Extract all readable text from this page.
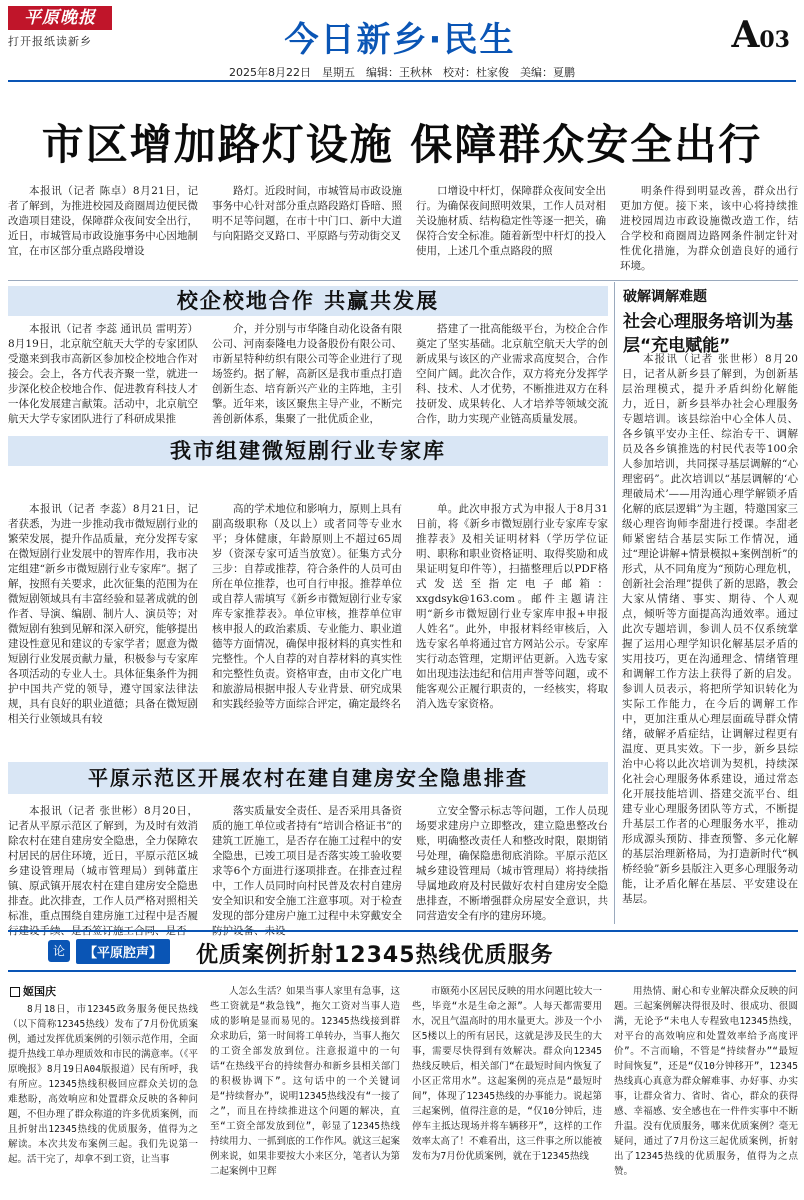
平原晚报
打开报纸读新乡	今日新乡·民生	A03
2025年8月22日　星期五　编辑：王秋林　校对：杜家俊　美编：夏鹏
市区增加路灯设施 保障群众安全出行

本报讯（记者 陈卓）8月21日，记者了解到，为推进校园及商圈周边便民微改造项目建设，保障群众夜间安全出行，近日，市城管局市政设施事务中心因地制宜，在市区部分重点路段增设

路灯。近段时间，市城管局市政设施事务中心针对部分重点路段路灯昏暗、照明不足等问题，在市十中门口、新中大道与向阳路交叉路口、平原路与劳动街交叉

口增设中杆灯，保障群众夜间安全出行。为确保夜间照明效果，工作人员对相关设施材质、结构稳定性等逐一把关，确保符合安全标准。随着新型中杆灯的投入使用，上述几个重点路段的照

明条件得到明显改善，群众出行更加方便。接下来，该中心将持续推进校园周边市政设施微改造工作，结合学校和商圈周边路网条件制定针对性优化措施，为群众创造良好的通行环境。

校企校地合作 共赢共发展

本报讯（记者 李蕊 通讯员 雷明芳）8月19日，北京航空航天大学的专家团队受邀来到我市高新区参加校企校地合作对接会。会上，各方代表齐聚一堂，就进一步深化校企校地合作、促进教育科技人才一体化发展建言献策。活动中，北京航空航天大学专家团队进行了科研成果推

介，并分别与市华隆自动化设备有限公司、河南泰隆电力设备股份有限公司、市新星特种纺织有限公司等企业进行了现场签约。据了解，高新区是我市重点打造创新生态、培育新兴产业的主阵地，主引擎。近年来，该区聚焦主导产业，不断完善创新体系，集聚了一批优质企业，

搭建了一批高能级平台，为校企合作奠定了坚实基础。北京航空航天大学的创新成果与该区的产业需求高度契合，合作空间广阔。此次合作，双方将充分发挥学科、技术、人才优势，不断推进双方在科技研发、成果转化、人才培养等领域交流合作，助力实现产业链高质量发展。

我市组建微短剧行业专家库

本报讯（记者 李蕊）8月21日，记者获悉，为进一步推动我市微短剧行业的繁荣发展，提升作品质量，充分发挥专家在微短剧行业发展中的智库作用，我市决定组建“新乡市微短剧行业专家库”。据了解，按照有关要求，此次征集的范围为在微短剧领域具有丰富经验和显著成就的创作者、导演、编剧、制片人、演员等；对微短剧有独到见解和深入研究，能够提出建设性意见和建议的专家学者；愿意为微短剧行业发展贡献力量，积极参与专家库各项活动的专业人士。具体征集条件为拥护中国共产党的领导，遵守国家法律法规，具有良好的职业道德；具备在微短剧相关行业领域具有较

高的学术地位和影响力，原则上具有副高级职称（及以上）或者同等专业水平；身体健康，年龄原则上不超过65周岁（资深专家可适当放宽）。征集方式分三步：自荐或推荐，符合条件的人员可由所在单位推荐，也可自行申报。推荐单位或自荐人需填写《新乡市微短剧行业专家库专家推荐表》。单位审核，推荐单位审核申报人的政治素质、专业能力、职业道德等方面情况，确保申报材料的真实性和完整性。个人自荐的对自荐材料的真实性和完整性负责。资格审查，由市文化广电和旅游局根据申报人专业背景、研究成果和实践经验等方面综合评定，确定最终名

单。此次申报方式为申报人于8月31日前，将《新乡市微短剧行业专家库专家推荐表》及相关证明材料（学历学位证明、职称和职业资格证明、取得奖励和成果证明复印件等），扫描整理后以PDF格式发送至指定电子邮箱：xxgdsyk@163.com。邮件主题请注明“新乡市微短剧行业专家库申报+申报人姓名”。此外，申报材料经审核后，入选专家名单将通过官方网站公示。专家库实行动态管理，定期评估更新。入选专家如出现违法违纪和信用声誉等问题，或不能客观公正履行职责的，一经核实，将取消入选专家资格。

平原示范区开展农村在建自建房安全隐患排查

本报讯（记者 张世彬）8月20日，记者从平原示范区了解到，为及时有效消除农村在建自建房安全隐患，全力保障农村居民的居住环境，近日，平原示范区城乡建设管理局（城市管理局）到韩董庄镇、原武镇开展农村在建自建房安全隐患排查。此次排查，工作人员严格对照相关标准，重点围绕自建房施工过程中是否履

落实质量安全责任、是否采用具备资质的施工单位或者持有“培训合格证书”的建筑工匠施工，是否存在施工过程中的安全隐患，已竣工项目是否落实竣工验收要求等6个方面进行逐项排查。在排查过程中，工作人员同时向村民普及农村自建房安全知识和安全施工注意事项。对于检查发现的部分建房户施工过程中未穿戴安全

立安全警示标志等问题，工作人员现场要求建房户立即整改，建立隐患整改台账，明确整改责任人和整改时限，限期销号处理，确保隐患彻底消除。平原示范区城乡建设管理局（城市管理局）将持续指导属地政府及村民做好农村自建房安全隐患排查，不断增强群众房屋安全意识，共同营造安全有序的建房环境。

破解调解难题
社会心理服务培训为基层“充电赋能”

本报讯（记者 张世彬）8月20日，记者从新乡县了解到，为创新基层治理模式，提升矛盾纠纷化解能力，近日，新乡县举办社会心理服务专题培训。该县综治中心全体人员、各乡镇平安办主任、综治专干、调解员及各乡镇推选的村民代表等100余人参加培训，共同探寻基层调解的“心理密码”。此次培训以“基层调解的‘心理破局术’——用沟通心理学解锁矛盾化解的底层逻辑”为主题，特邀国家三级心理咨询师李甜进行授课。李甜老师紧密结合基层实际工作情况，通过“理论讲解+情景模拟+案例剖析”的形式，从不同角度为“预防心理危机，创新社会治理”提供了新的思路，教会大家从情绪、事实、期待、个人观点，倾听等方面提高沟通效率。通过此次专题培训，参训人员不仅系统掌握了运用心理学知识化解基层矛盾的实用技巧，更在沟通理念、情绪管理和调解工作方法上获得了新的启发。参训人员表示，将把所学知识转化为实际工作能力，在今后的调解工作中，更加注重从心理层面疏导群众情绪，破解矛盾症结，让调解过程更有温度、更具实效。下一步，新乡县综治中心将以此次培训为契机，持续深化社会心理服务体系建设，通过常态化开展技能培训、搭建交流平台、组建专业心理服务团队等方式，不断提升基层工作者的心理服务水平，推动形成源头预防、排查预警、多元化解的基层治理新格局，为打造新时代“枫桥经验”新乡县版注入更多心理服务动能，让矛盾化解在基层、平安建设在基层。

论	【平原腔声】	优质案例折射12345热线优质服务
姬国庆

8月18日，市12345政务服务便民热线（以下简称12345热线）发布了7月份优质案例，通过发挥优质案例的引领示范作用，全面提升热线工单办理质效和市民的满意率。（《平原晚报》8月19日A04版报道）民有所呼，我有所应。12345热线积极回应群众关切的急难愁盼，高效响应和处置群众反映的各种问题，不但办理了群众称道的许多优质案例，而且折射出12345热线的优质服务，值得为之解读。本次共发布案例三起。我们先说第一起。活干完了，却拿不到工资，让当事

人怎么生活？如果当事人家里有急事，这些工资就是“救急钱”，拖欠工资对当事人造成的影响是显而易见的。12345热线接到群众求助后，第一时间将工单转办，当事人拖欠的工资全部发放到位。注意报道中的一句话“在热线平台的持续督办和新乡县相关部门的积极协调下”。这句话中的一个关键词是“持续督办”，说明12345热线没有“一接了之”，而且在持续推进这个问题的解决，直至“工资全部发放到位”，彰显了12345热线持续用力、一抓到底的工作作风。就这三起案例来说，如果非要按大小来区分，笔者认为第二起案例中卫辉

市颐苑小区居民反映的用水问题比较大一些，毕竟“水是生命之源”。人每天都需要用水，况且气温高时的用水量更大。涉及一个小区5楼以上的所有居民，这就是涉及民生的大事，需要尽快得到有效解决。群众向12345热线反映后，相关部门“在最短时间内恢复了小区正常用水”。这起案例的亮点是“最短时间”，体现了12345热线的办事能力。说起第三起案例，值得注意的是，“仅10分钟后，违停车主抵达现场并将车辆移开”，这样的工作效率太高了！不难看出，这三件事之所以能被发布为7月份优质案例，就在于12345热线

用热情、耐心和专业解决群众反映的问题。三起案例解决得很及时、很成功、很圆满，无论予“未电人专程致电12345热线，对平台的高效响应和处置效率给予高度评价”。不言而喻，不管是“持续督办”“最短时间恢复”，还是“仅10分钟移开”，12345热线真心真意为群众解难事、办好事、办实事，让群众省力、省时、省心，群众的获得感、幸福感、安全感也在一件件实事中不断升温。没有优质服务，哪来优质案例？毫无疑问，通过了7月份这三起优质案例，折射出了12345热线的优质服务，值得为之点赞。
